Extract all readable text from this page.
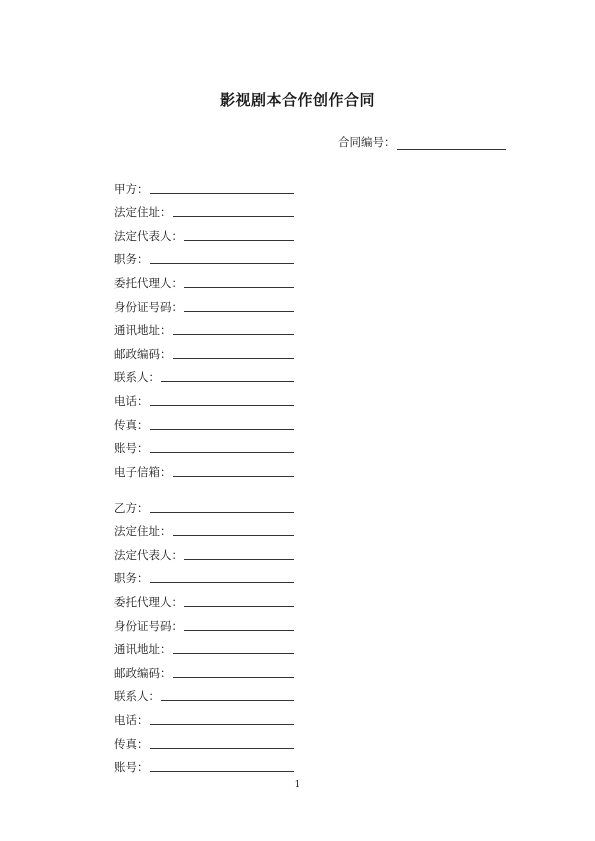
影视剧本合作创作合同
合同编号：
甲方：
法定住址：
法定代表人：
职务：
委托代理人：
身份证号码：
通讯地址：
邮政编码：
联系人：
电话：
传真：
账号：
电子信箱：
乙方：
法定住址：
法定代表人：
职务：
委托代理人：
身份证号码：
通讯地址：
邮政编码：
联系人：
电话：
传真：
账号：
1
